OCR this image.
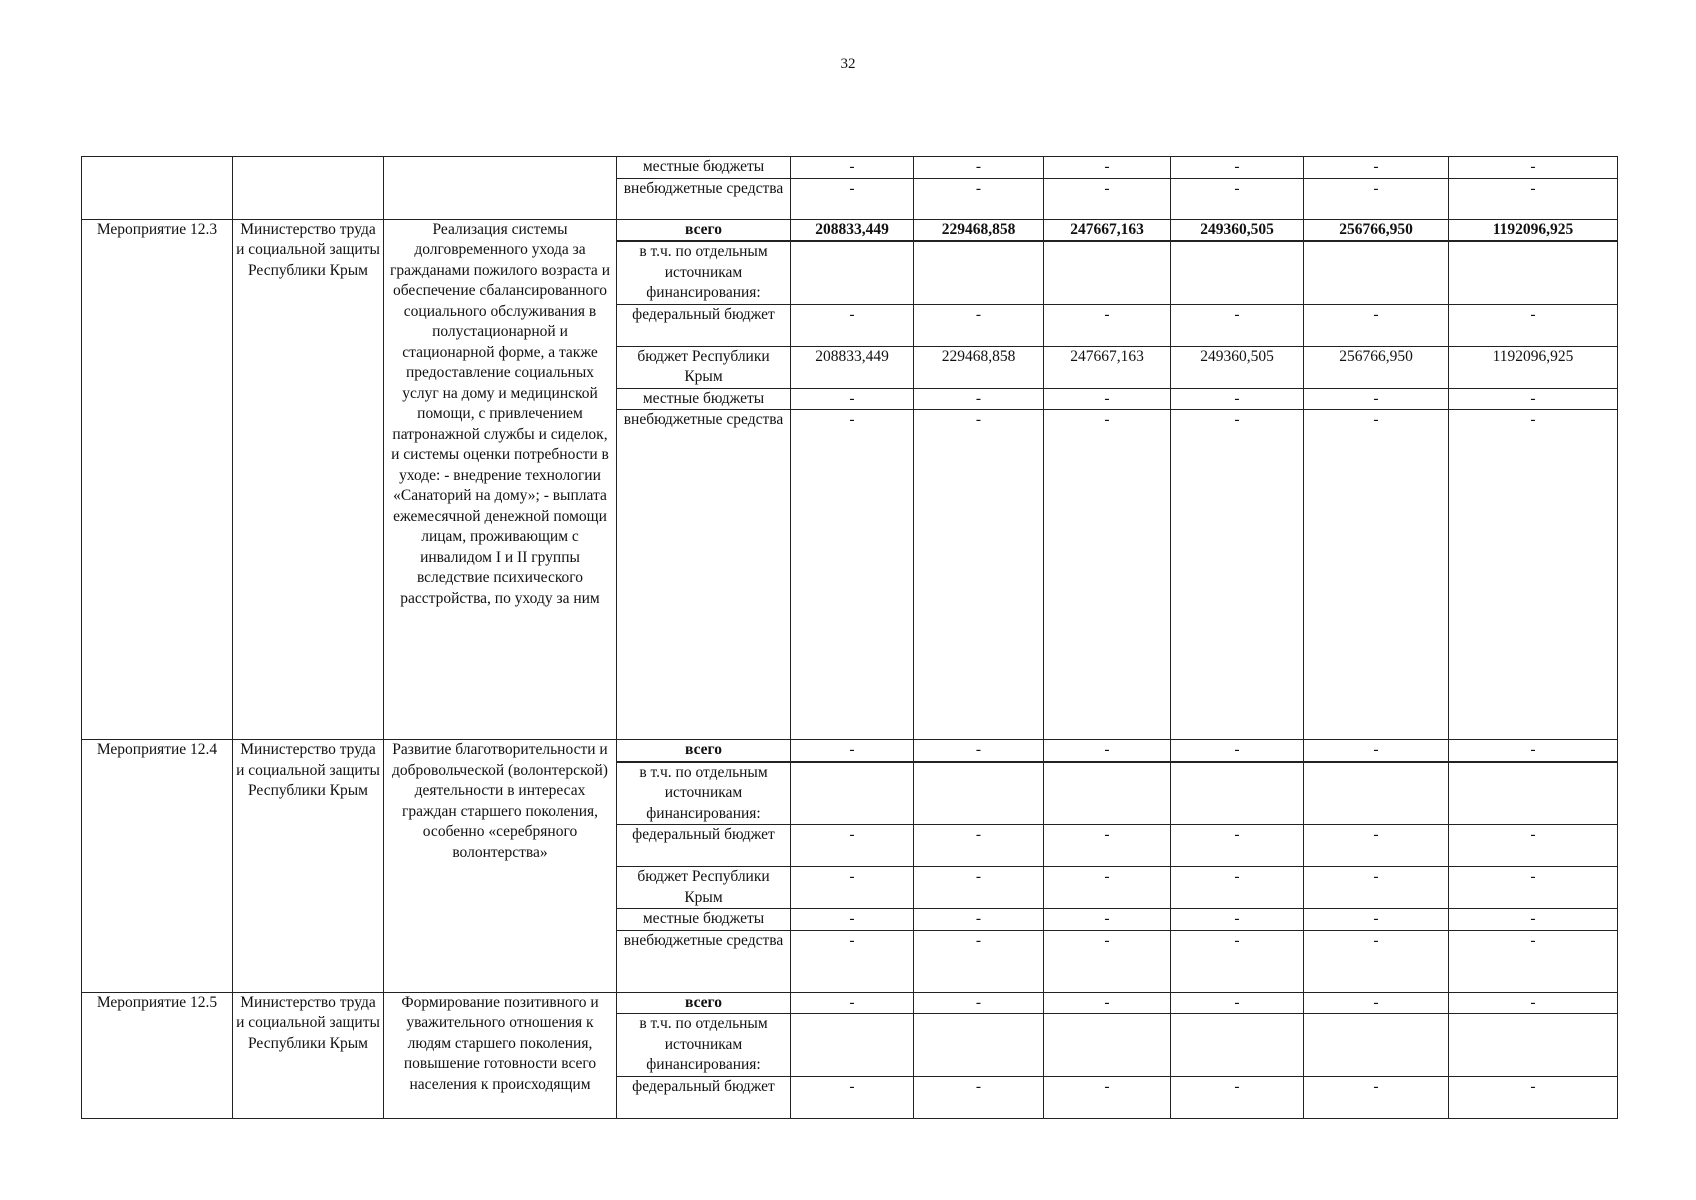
32
			местные бюджеты	-	-	-	-	-	-
			внебюджетные средства	-	-	-	-	-	-
Мероприятие 12.3	Министерство труда и социальной защиты Республики Крым	Реализация системы долговременного ухода за гражданами пожилого возраста и обеспечение сбалансированного социального обслуживания в полустационарной и стационарной форме, а также предоставление социальных услуг на дому и медицинской помощи, с привлечением патронажной службы и сиделок, и системы оценки потребности в уходе: - внедрение технологии «Санаторий на дому»; - выплата ежемесячной денежной помощи лицам, проживающим с инвалидом I и II группы вследствие психического расстройства, по уходу за ним	всего	208833,449	229468,858	247667,163	249360,505	256766,950	1192096,925
			в т.ч. по отдельным источникам финансирования:						
			федеральный бюджет	-	-	-	-	-	-
			бюджет Республики Крым	208833,449	229468,858	247667,163	249360,505	256766,950	1192096,925
			местные бюджеты	-	-	-	-	-	-
			внебюджетные средства	-	-	-	-	-	-
Мероприятие 12.4	Министерство труда и социальной защиты Республики Крым	Развитие благотворительности и добровольческой (волонтерской) деятельности в интересах граждан старшего поколения, особенно «серебряного волонтерства»	всего	-	-	-	-	-	-
			в т.ч. по отдельным источникам финансирования:						
			федеральный бюджет	-	-	-	-	-	-
			бюджет Республики Крым	-	-	-	-	-	-
			местные бюджеты	-	-	-	-	-	-
			внебюджетные средства	-	-	-	-	-	-
Мероприятие 12.5	Министерство труда и социальной защиты Республики Крым	Формирование позитивного и уважительного отношения к людям старшего поколения, повышение готовности всего населения к происходящим	всего	-	-	-	-	-	-
			в т.ч. по отдельным источникам финансирования:						
			федеральный бюджет	-	-	-	-	-	-
